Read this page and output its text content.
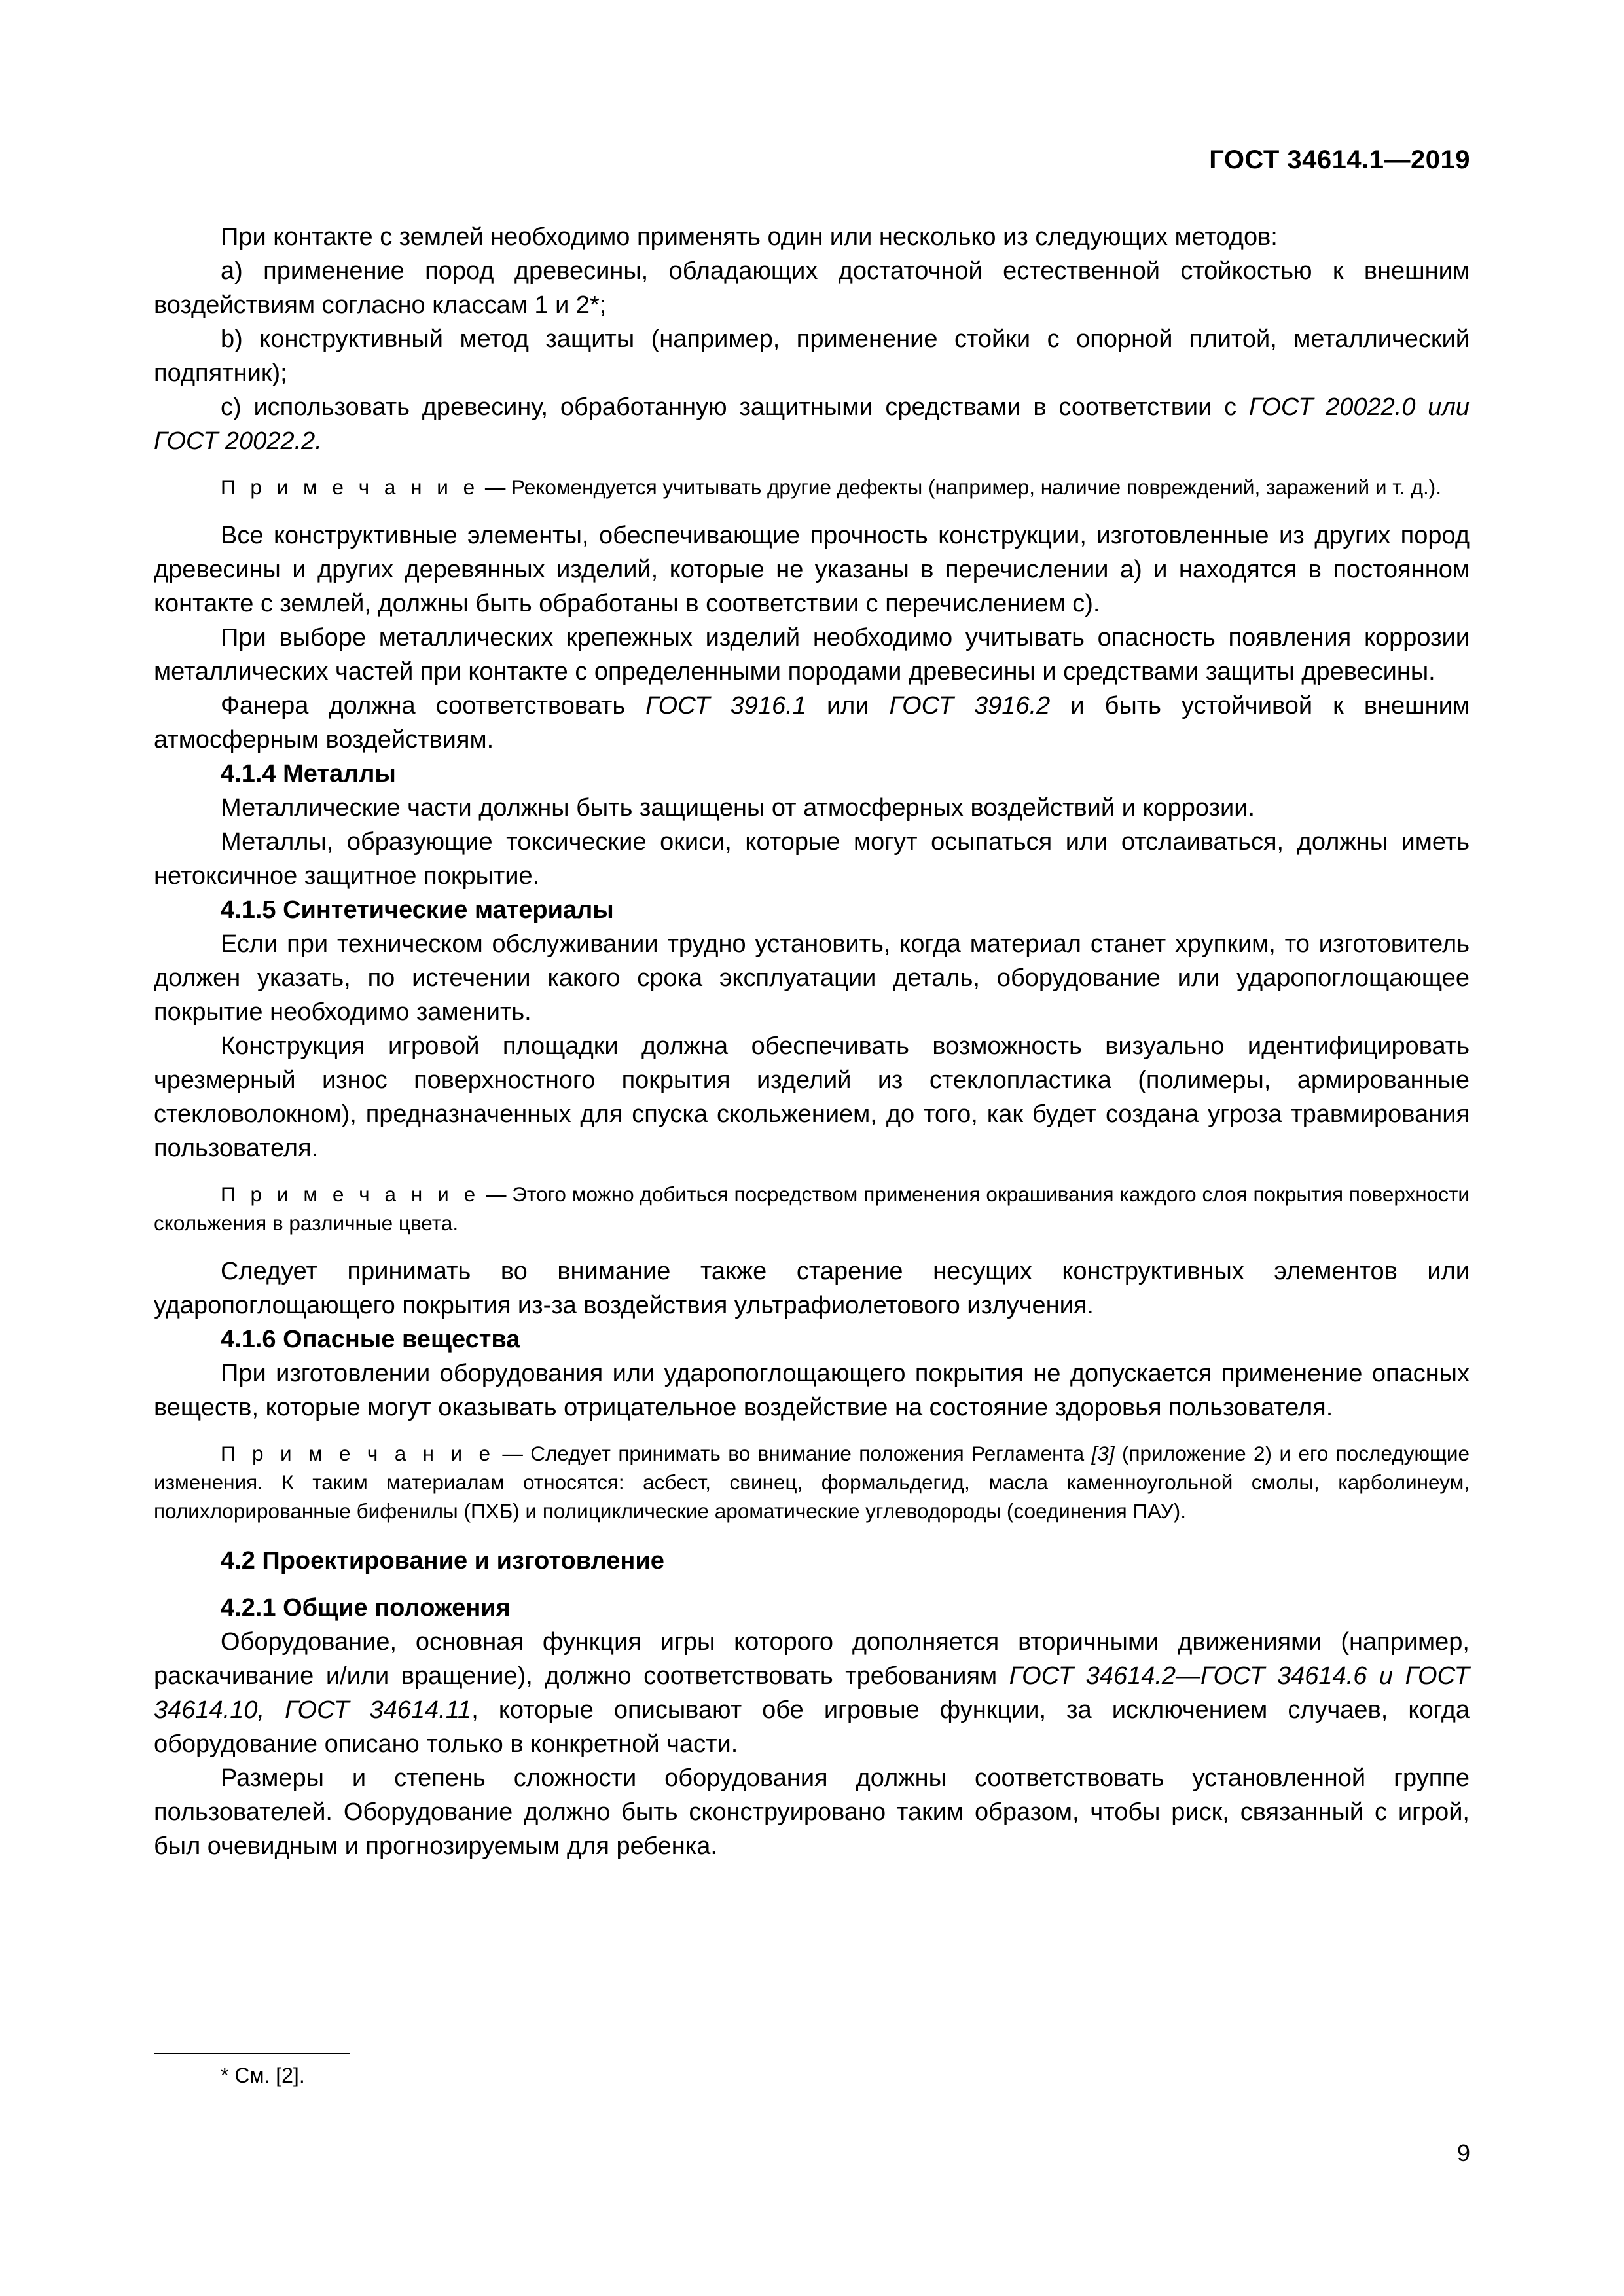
ГОСТ 34614.1—2019

При контакте с землей необходимо применять один или несколько из следующих методов:

a) применение пород древесины, обладающих достаточной естественной стойкостью к внешним воздействиям согласно классам 1 и 2*;

b) конструктивный метод защиты (например, применение стойки с опорной плитой, металлический подпятник);

c) использовать древесину, обработанную защитными средствами в соответствии с ГОСТ 20022.0 или ГОСТ 20022.2.

П р и м е ч а н и е — Рекомендуется учитывать другие дефекты (например, наличие повреждений, заражений и т. д.).

Все конструктивные элементы, обеспечивающие прочность конструкции, изготовленные из других пород древесины и других деревянных изделий, которые не указаны в перечислении a) и находятся в постоянном контакте с землей, должны быть обработаны в соответствии с перечислением c).

При выборе металлических крепежных изделий необходимо учитывать опасность появления коррозии металлических частей при контакте с определенными породами древесины и средствами защиты древесины.

Фанера должна соответствовать ГОСТ 3916.1 или ГОСТ 3916.2 и быть устойчивой к внешним атмосферным воздействиям.

4.1.4 Металлы

Металлические части должны быть защищены от атмосферных воздействий и коррозии.

Металлы, образующие токсические окиси, которые могут осыпаться или отслаиваться, должны иметь нетоксичное защитное покрытие.

4.1.5 Синтетические материалы

Если при техническом обслуживании трудно установить, когда материал станет хрупким, то изготовитель должен указать, по истечении какого срока эксплуатации деталь, оборудование или ударопоглощающее покрытие необходимо заменить.

Конструкция игровой площадки должна обеспечивать возможность визуально идентифицировать чрезмерный износ поверхностного покрытия изделий из стеклопластика (полимеры, армированные стекловолокном), предназначенных для спуска скольжением, до того, как будет создана угроза травмирования пользователя.

П р и м е ч а н и е — Этого можно добиться посредством применения окрашивания каждого слоя покрытия поверхности скольжения в различные цвета.

Следует принимать во внимание также старение несущих конструктивных элементов или ударопоглощающего покрытия из-за воздействия ультрафиолетового излучения.

4.1.6 Опасные вещества

При изготовлении оборудования или ударопоглощающего покрытия не допускается применение опасных веществ, которые могут оказывать отрицательное воздействие на состояние здоровья пользователя.

П р и м е ч а н и е — Следует принимать во внимание положения Регламента [3] (приложение 2) и его последующие изменения. К таким материалам относятся: асбест, свинец, формальдегид, масла каменноугольной смолы, карболинеум, полихлорированные бифенилы (ПХБ) и полициклические ароматические углеводороды (соединения ПАУ).

4.2 Проектирование и изготовление

4.2.1 Общие положения

Оборудование, основная функция игры которого дополняется вторичными движениями (например, раскачивание и/или вращение), должно соответствовать требованиям ГОСТ 34614.2—ГОСТ 34614.6 и ГОСТ 34614.10, ГОСТ 34614.11, которые описывают обе игровые функции, за исключением случаев, когда оборудование описано только в конкретной части.

Размеры и степень сложности оборудования должны соответствовать установленной группе пользователей. Оборудование должно быть сконструировано таким образом, чтобы риск, связанный с игрой, был очевидным и прогнозируемым для ребенка.

* См. [2].
9
